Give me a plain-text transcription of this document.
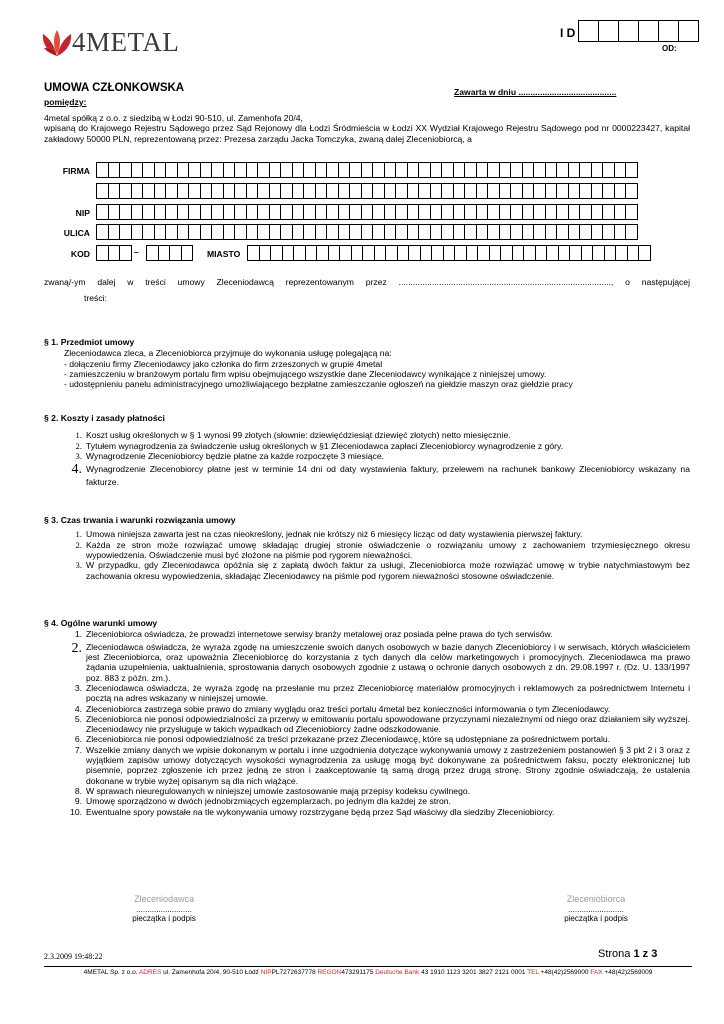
4METAL	I D
OD:
UMOWA CZŁONKOWSKA	Zawarta w dniu .........................................
pomiędzy:

4metal spółką z o.o. z siedzibą w Łodzi 90-510, ul. Zamenhofa 20/4,

wpisaną do Krajowego Rejestru Sądowego przez Sąd Rejonowy dla Łodzi Śródmieścia w Łodzi XX Wydział Krajowego Rejestru Sądowego pod nr 0000223427, kapitał zakładowy 50000 PLN, reprezentowaną przez: Prezesa zarządu Jacka Tomczyka, zwaną dalej Zleceniobiorcą, a

FIRMA
NIP
ULICA
KOD	–	MIASTO
zwaną/-ym dalej w treści umowy Zleceniodawcą reprezentowanym przez ........................................................................................., o następującej
treści:
§ 1. Przedmiot umowy
Zleceniodawca zleca, a Zleceniobiorca przyjmuje do wykonania usługę polegającą na:
- dołączeniu firmy Zleceniodawcy jako członka do firm zrzeszonych w grupie 4metal
- zamieszczeniu w branżowym portalu firm wpisu obejmującego wszystkie dane Zleceniodawcy wynikające z niniejszej umowy.
- udostępnieniu panelu administracyjnego umożliwiającego bezpłatne zamieszczanie ogłoszeń na giełdzie maszyn oraz giełdzie pracy
§ 2. Koszty i zasady płatności
1. Koszt usług określonych w § 1 wynosi 99 złotych (słownie: dziewięćdziesiąt dziewięć złotych) netto miesięcznie.
2. Tytułem wynagrodzenia za świadczenie usług określonych w §1 Zleceniodawca zapłaci Zleceniobiorcy wynagrodzenie z góry.
3. Wynagrodzenie Zleceniobiorcy będzie płatne za każde rozpoczęte 3 miesiące.
4. Wynagrodzenie Zlecenobiorcy płatne jest w terminie 14 dni od daty wystawienia faktury, przelewem na rachunek bankowy Zleceniobiorcy wskazany na fakturze.
§ 3. Czas trwania i warunki rozwiązania umowy
1. Umowa niniejsza zawarta jest na czas nieokreślony, jednak nie krótszy niż 6 miesięcy licząc od daty wystawienia pierwszej faktury.
2. Każda ze stron może rozwiązać umowę składając drugiej stronie oświadczenie o rozwiązaniu umowy z zachowaniem trzymiesięcznego okresu wypowiedzenia. Oświadczenie musi być złożone na piśmie pod rygorem nieważności.
3. W przypadku, gdy Zleceniodawca opóźnia się z zapłatą dwóch faktur za usługi, Zleceniobiorca może rozwiązać umowę w trybie natychmiastowym bez zachowania okresu wypowiedzenia, składając Zleceniodawcy na piśmie pod rygorem nieważności stosowne oświadczenie.
§ 4. Ogólne warunki umowy
1. Zleceniobiorca oświadcza, że prowadzi internetowe serwisy branży metalowej oraz posiada pełne prawa do tych serwisów.
2. Zleceniodawca oświadcza, że wyraża zgodę na umieszczenie swoich danych osobowych w bazie danych Zleceniobiorcy i w serwisach, których właścicielem jest Zleceniobiorca, oraz upoważnia Zleceniobiorcę do korzystania z tych danych dla celów marketingowych i promocyjnych. Zleceniodawca ma prawo żądania uzupełnienia, uaktualnienia, sprostowania danych osobowych zgodnie z ustawą o ochronie danych osobowych z dn. 29.08.1997 r. (Dz. U. 133/1997 poz. 883 z późn. zm.).
3. Zleceniodawca oświadcza, że wyraża zgodę na przesłanie mu przez Zleceniobiorcę materiałów promocyjnych i reklamowych za pośrednictwem Internetu i pocztą na adres wskazany w niniejszej umowie.
4. Zleceniobiorca zastrzega sobie prawo do zmiany wyglądu oraz treści portalu 4metal bez konieczności informowania o tym Zleceniodawcy.
5. Zleceniobiorca nie ponosi odpowiedzialności za przerwy w emitowaniu portalu spowodowane przyczynami niezależnymi od niego oraz działaniem siły wyższej. Zleceniodawcy nie przysługuje w takich wypadkach od Zleceniobiorcy żadne odszkodowanie.
6. Zleceniobiorca nie ponosi odpowiedzialność za treści przekazane przez Zleceniodawcę, które są udostępniane za pośrednictwem portalu.
7. Wszelkie zmiany danych we wpisie dokonanym w portalu i inne uzgodnienia dotyczące wykonywania umowy z zastrzeżeniem postanowień § 3 pkt 2 i 3 oraz z wyjątkiem zapisów umowy dotyczących wysokości wynagrodzenia za usługę mogą być dokonywane za pośrednictwem faksu, poczty elektronicznej lub pisemnie, poprzez zgłoszenie ich przez jedną ze stron i zaakceptowanie tą samą drogą przez drugą stronę. Strony zgodnie oświadczają, że ustalenia dokonane w trybie wyżej opisanym są dla nich wiążące.
8. W sprawach nieuregulowanych w niniejszej umowie zastosowanie mają przepisy kodeksu cywilnego.
9. Umowę sporządzono w dwóch jednobrzmiących egzemplarzach, po jednym dla każdej ze stron.
10. Ewentualne spory powstałe na tle wykonywania umowy rozstrzygane będą przez Sąd właściwy dla siedziby Zleceniobiorcy.
Zleceniodawca
.........................
pieczątka i podpis
Zleceniobiorca
.........................
pieczątka i podpis
2.3.2009 19:48:22	Strona 1 z 3
4METAL Sp. z o.o. ADRES ul. Zamenhofa 20/4, 90-510 Łódź NIPPL7272637778 REGON473291175 Deutsche Bank 43 1910 1123 3201 3827 2121 0001 TEL +48(42)2569000 FAX +48(42)2569009
